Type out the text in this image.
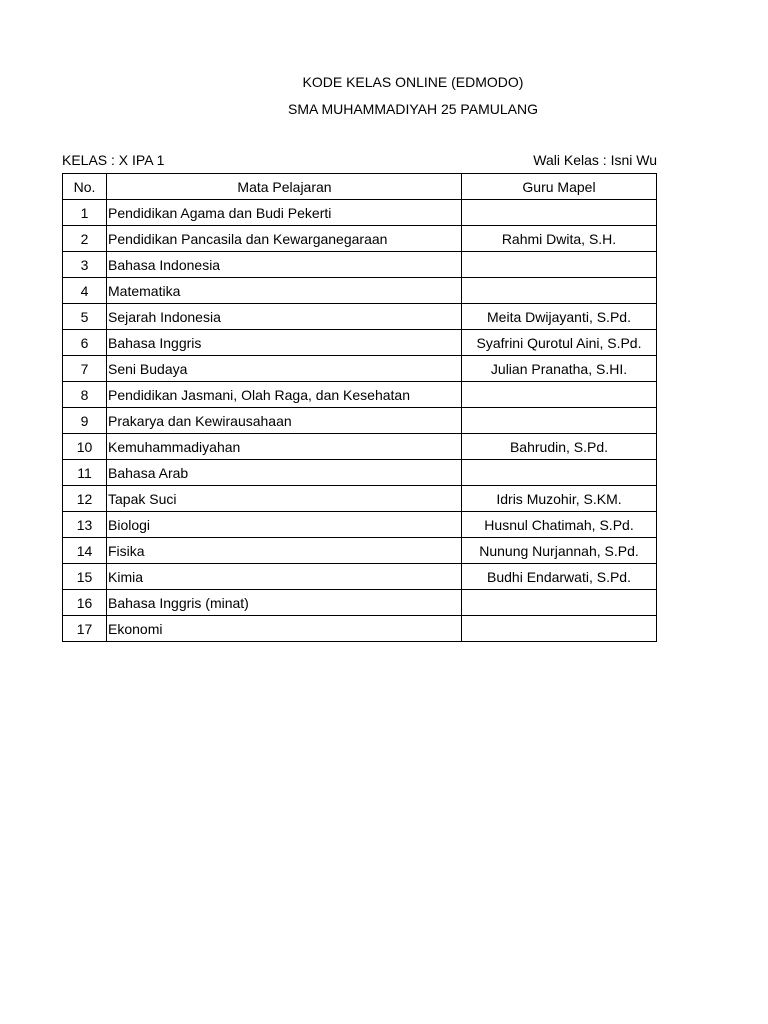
KODE KELAS ONLINE (EDMODO)
SMA MUHAMMADIYAH 25 PAMULANG
KELAS : X IPA 1	Wali Kelas : Isni Wu
No.	Mata Pelajaran	Guru Mapel
1	Pendidikan Agama dan Budi Pekerti	
2	Pendidikan Pancasila dan Kewarganegaraan	Rahmi Dwita, S.H.
3	Bahasa Indonesia	
4	Matematika	
5	Sejarah Indonesia	Meita Dwijayanti, S.Pd.
6	Bahasa Inggris	Syafrini Qurotul Aini, S.Pd.
7	Seni Budaya	Julian Pranatha, S.HI.
8	Pendidikan Jasmani, Olah Raga, dan Kesehatan	
9	Prakarya dan Kewirausahaan	
10	Kemuhammadiyahan	Bahrudin, S.Pd.
11	Bahasa Arab	
12	Tapak Suci	Idris Muzohir, S.KM.
13	Biologi	Husnul Chatimah, S.Pd.
14	Fisika	Nunung Nurjannah, S.Pd.
15	Kimia	Budhi Endarwati, S.Pd.
16	Bahasa Inggris (minat)	
17	Ekonomi	
